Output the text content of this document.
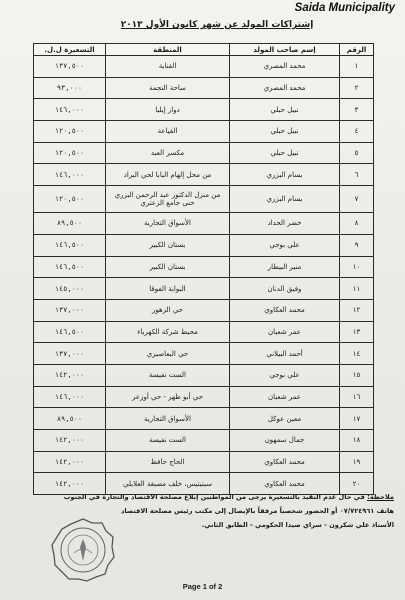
Saida Municipality
إشتراكات المولد عن شهر كانون الأول ٢٠١٣
الرقم	إسم صاحب المولد	المنطقة	التسعيرة ل.ل.
١	محمد المصري	القناية	١٣٧,٥٠٠
٢	محمد المصري	ساحة النجمة	٩٣,٠٠٠
٣	نبيل حبلي	دوار إيليا	١٤٦,٠٠٠
٤	نبيل حبلي	القياعة	١٢٠,٥٠٠
٥	نبيل حبلي	مكسر العبد	١٢٠,٥٠٠
٦	بسام البزري	من محل إلهام البابا لحي البراد	١٤٦,٠٠٠
٧	بسام البزري	من منزل الدكتور عبد الرحمن البزري حتى جامع الزعتري	١٢٠,٥٠٠
٨	خضر الحداد	الأسواق التجارية	٨٩,٥٠٠
٩	علي بوجي	بستان الكبير	١٤٦,٥٠٠
١٠	منير البيطار	بستان الكبير	١٤٦,٥٠٠
١١	وفيق الدنان	البوابة الفوقا	١٤٥,٠٠٠
١٢	محمد العكاوي	حي الزهور	١٣٧,٠٠٠
١٣	عمر شعبان	محيط شركة الكهرباء	١٤٦,٥٠٠
١٤	أحمد البيلاني	حي البعاصيري	١٣٧,٠٠٠
١٥	علي بوجي	الست نفيسة	١٤٢,٠٠٠
١٦	عمر شعبان	حي أبو ظهر - حي أوزعر	١٤٦,٠٠٠
١٧	معين عوكل	الأسواق التجارية	٨٩,٥٠٠
١٨	جمال سمهون	الست نفيسة	١٤٢,٠٠٠
١٩	محمد العكاوي	الحاج حافظ	١٤٢,٠٠٠
٢٠	محمد العكاوي	سينيتيس، خلف مصبغة العلايلي	١٤٢,٠٠٠
ملاحظة: في حال عدم التقيد بالتسعيرة يرجى من المواطنين إبلاغ مصلحة الاقتصاد والتجارة في الجنوب
هاتف ٠٧/٧٢٤٩٦١ أو الحضور شخصياً مرفقاً بالإيصال إلى مكتب رئيس مصلحة الاقتصاد
الأستاذ علي شكرون - سراي صيدا الحكومي - الطابق الثاني.
Page 1 of 2
